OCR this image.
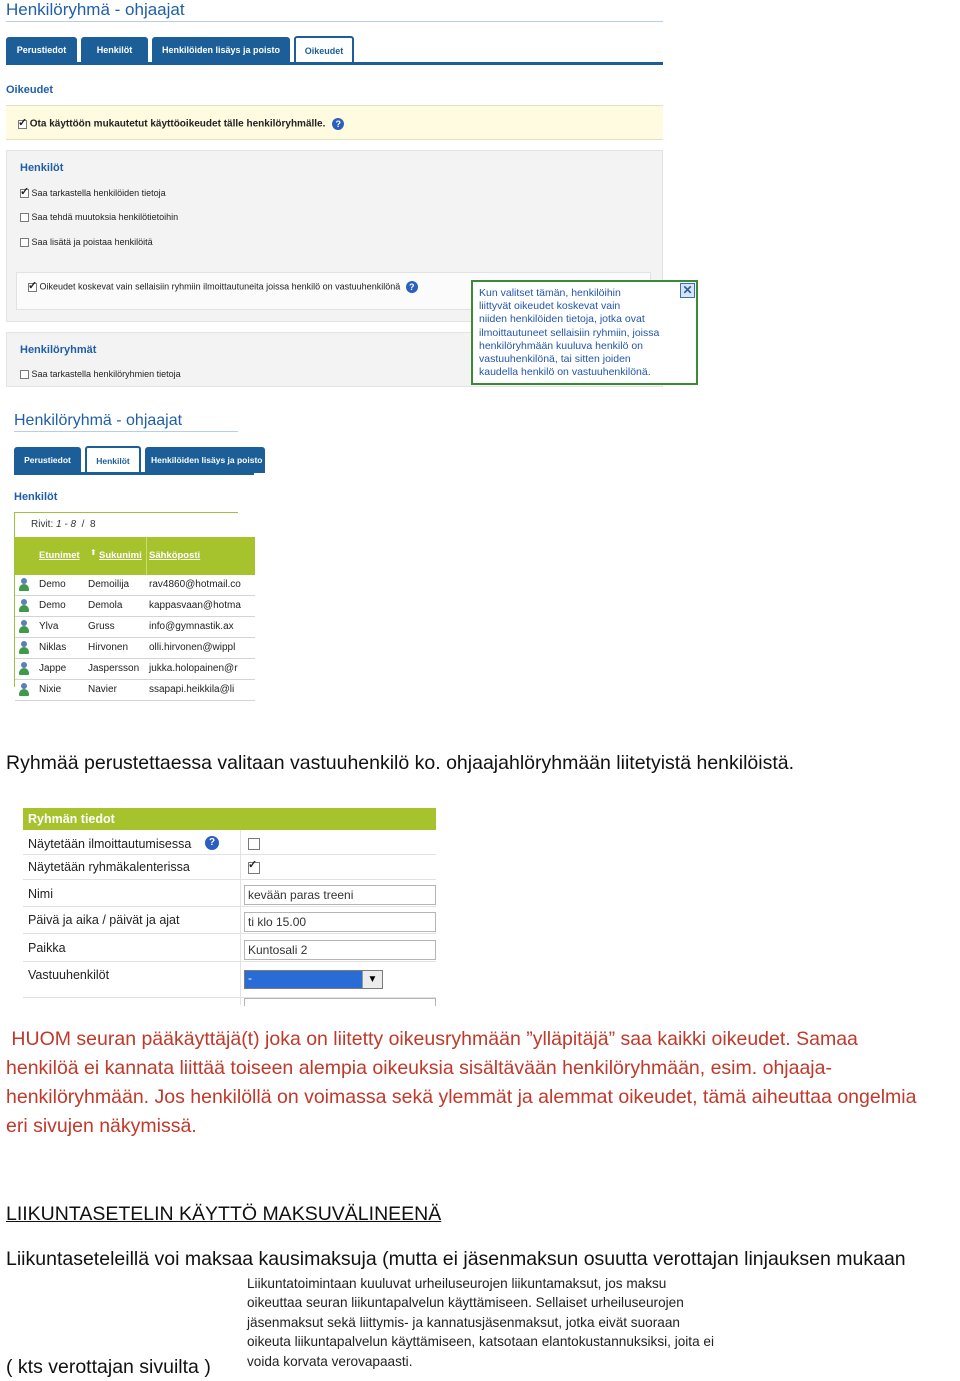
Henkilöryhmä - ohjaajat
Perustiedot	Henkilöt	Henkilöiden lisäys ja poisto	Oikeudet
Oikeudet
✓ Ota käyttöön mukautetut käyttöoikeudet tälle henkilöryhmälle. ?
Henkilöt
✓ Saa tarkastella henkilöiden tietoja
Saa tehdä muutoksia henkilötietoihin
Saa lisätä ja poistaa henkilöitä
✓ Oikeudet koskevat vain sellaisiin ryhmiin ilmoittautuneita joissa henkilö on vastuuhenkilönä ?
Henkilöryhmät
Saa tarkastella henkilöryhmien tietoja
✕
Kun valitset tämän, henkilöihin
liittyvät oikeudet koskevat vain
niiden henkilöiden tietoja, jotka ovat
ilmoittautuneet sellaisiin ryhmiin, joissa
henkilöryhmään kuuluva henkilö on
vastuuhenkilönä, tai sitten joiden
kaudella henkilö on vastuuhenkilönä.
Henkilöryhmä - ohjaajat
Perustiedot	Henkilöt	Henkilöiden lisäys ja poisto
Henkilöt
Rivit: 1 - 8 / 8
Etunimet ⬆ Sukunimi Sähköposti
Demo Demoilija rav4860@hotmail.co
Demo Demola	kappasvaan@hotma
Ylva	Gruss	info@gymnastik.ax
Niklas Hirvonen olli.hirvonen@wippl
Jappe Jaspersson jukka.holopainen@r
Nixie	Navier	ssapapi.heikkila@li
Ryhmää perustettaessa valitaan vastuuhenkilö ko. ohjaajahlöryhmään liitetyistä henkilöistä.
Ryhmän tiedot
Näytetään ilmoittautumisessa	?
Näytetään ryhmäkalenterissa
✓
Nimi	kevään paras treeni
Päivä ja aika / päivät ja ajat	ti klo 15.00
Paikka	Kuntosali 2
Vastuuhenkilöt	-	▼
HUOM seuran pääkäyttäjä(t) joka on liitetty oikeusryhmään ”ylläpitäjä” saa kaikki oikeudet. Samaa
henkilöä ei kannata liittää toiseen alempia oikeuksia sisältävään henkilöryhmään, esim. ohjaaja-
henkilöryhmään. Jos henkilöllä on voimassa sekä ylemmät ja alemmat oikeudet, tämä aiheuttaa ongelmia
eri sivujen näkymissä.
LIIKUNTASETELIN KÄYTTÖ MAKSUVÄLINEENÄ
Liikuntaseteleillä voi maksaa kausimaksuja (mutta ei jäsenmaksun osuutta verottajan linjauksen mukaan
Liikuntatoimintaan kuuluvat urheiluseurojen liikuntamaksut, jos maksu
oikeuttaa seuran liikuntapalvelun käyttämiseen. Sellaiset urheiluseurojen
jäsenmaksut sekä liittymis- ja kannatusjäsenmaksut, jotka eivät suoraan
oikeuta liikuntapalvelun käyttämiseen, katsotaan elantokustannuksiksi, joita ei
voida korvata verovapaasti.
( kts verottajan sivuilta )
